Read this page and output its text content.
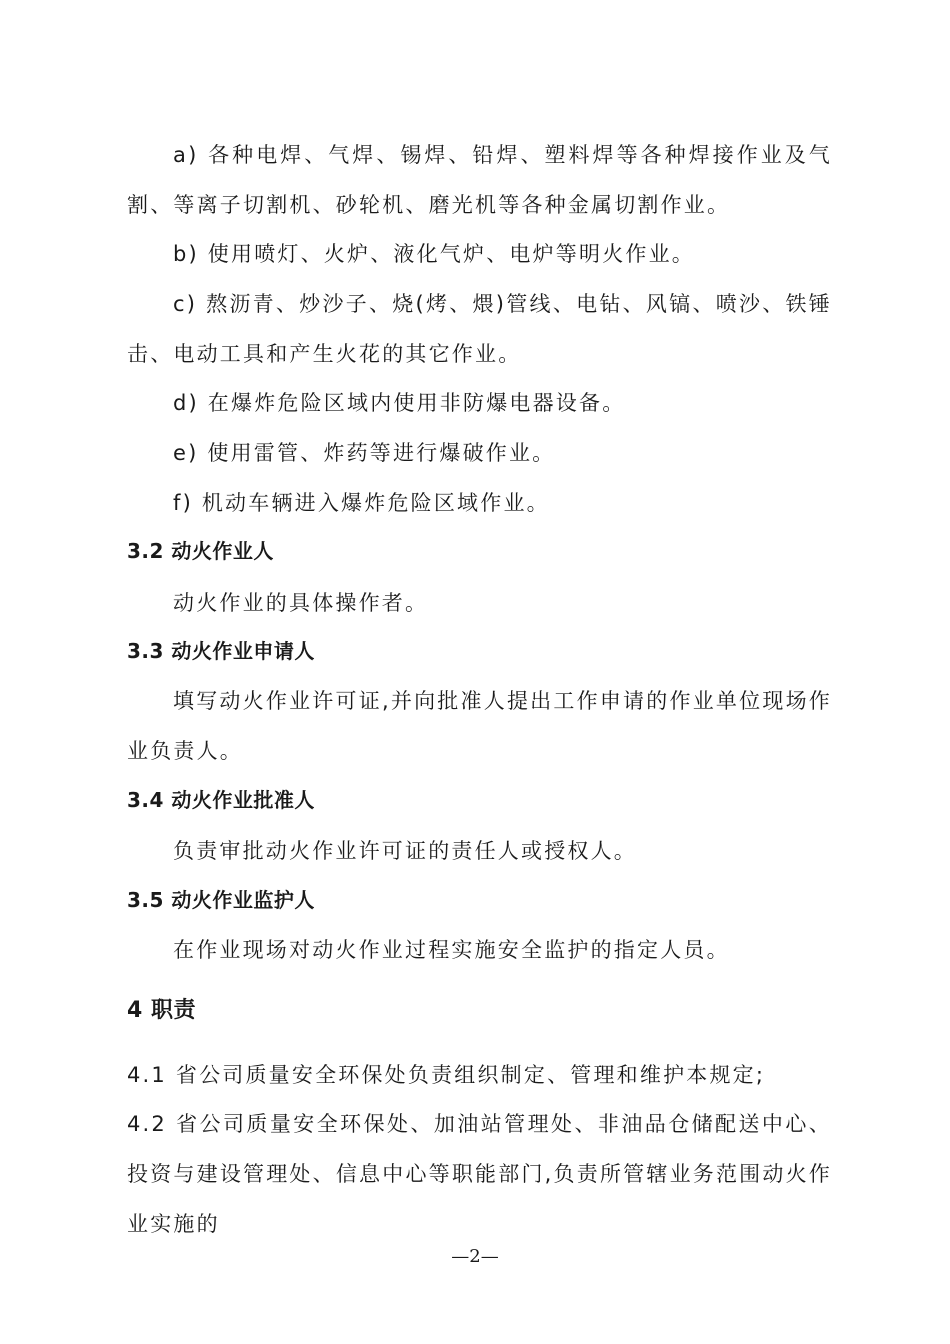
a) 各种电焊、气焊、锡焊、铅焊、塑料焊等各种焊接作业及气割、等离子切割机、砂轮机、磨光机等各种金属切割作业。

b) 使用喷灯、火炉、液化气炉、电炉等明火作业。

c) 熬沥青、炒沙子、烧(烤、煨)管线、电钻、风镐、喷沙、铁锤击、电动工具和产生火花的其它作业。

d) 在爆炸危险区域内使用非防爆电器设备。

e) 使用雷管、炸药等进行爆破作业。

f) 机动车辆进入爆炸危险区域作业。

3.2 动火作业人

动火作业的具体操作者。

3.3 动火作业申请人

填写动火作业许可证,并向批准人提出工作申请的作业单位现场作业负责人。

3.4 动火作业批准人

负责审批动火作业许可证的责任人或授权人。

3.5 动火作业监护人

在作业现场对动火作业过程实施安全监护的指定人员。

4 职责

4.1 省公司质量安全环保处负责组织制定、管理和维护本规定;

4.2 省公司质量安全环保处、加油站管理处、非油品仓储配送中心、投资与建设管理处、信息中心等职能部门,负责所管辖业务范围动火作业实施的

—2—
